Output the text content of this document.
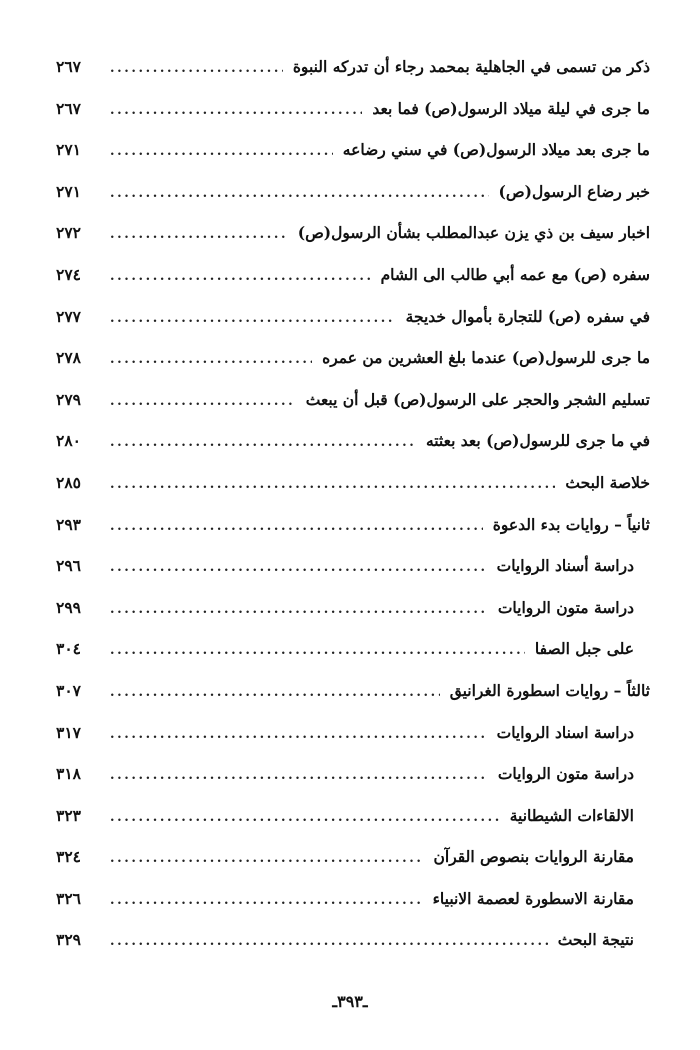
ذكر من تسمى في الجاهلية بمحمد رجاء أن تدركه النبوة
.....
٢٦٧
ما جرى في ليلة ميلاد الرسول(ص) فما بعد
.....
٢٦٧
ما جرى بعد ميلاد الرسول(ص) في سني رضاعه
.....
٢٧١
خبر رضاع الرسول(ص)
.....
٢٧١
اخبار سيف بن ذي يزن عبدالمطلب بشأن الرسول(ص)
.....
٢٧٢
سفره (ص) مع عمه أبي طالب الى الشام
.....
٢٧٤
في سفره (ص) للتجارة بأموال خديجة
.....
٢٧٧
ما جرى للرسول(ص) عندما بلغ العشرين من عمره
.....
٢٧٨
تسليم الشجر والحجر على الرسول(ص) قبل أن يبعث
.....
٢٧٩
في ما جرى للرسول(ص) بعد بعثته
.....
٢٨٠
خلاصة البحث
.....
٢٨٥
ثانياً – روايات بدء الدعوة
.....
٢٩٣
دراسة أسناد الروايات
.....
٢٩٦
دراسة متون الروايات
.....
٢٩٩
على جبل الصفا
.....
٣٠٤
ثالثاً – روايات اسطورة الغرانيق
.....
٣٠٧
دراسة اسناد الروايات
.....
٣١٧
دراسة متون الروايات
.....
٣١٨
الالقاءات الشيطانية
.....
٣٢٣
مقارنة الروايات بنصوص القرآن
.....
٣٢٤
مقارنة الاسطورة لعصمة الانبياء
.....
٣٢٦
نتيجة البحث
.....
٣٢٩
ـ٣٩٣ـ
